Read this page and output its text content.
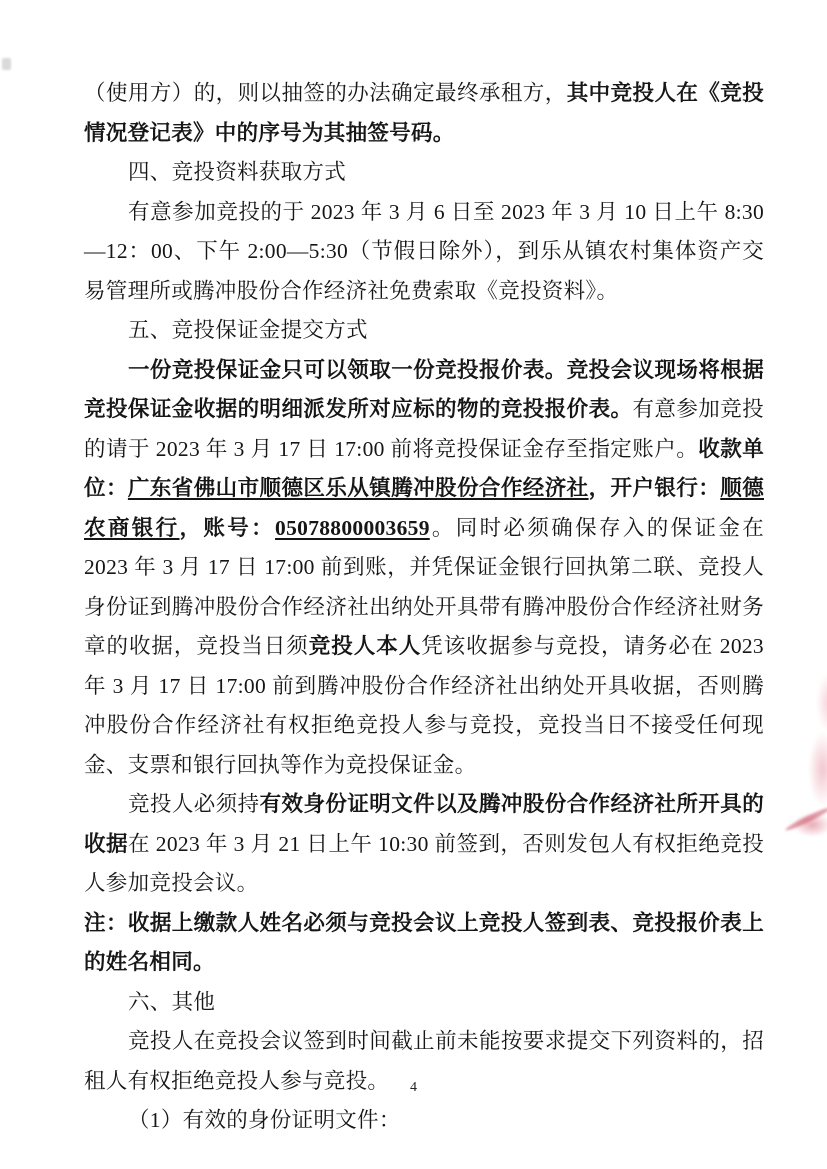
（使用方）的，则以抽签的办法确定最终承租方，其中竞投人在《竞投情况登记表》中的序号为其抽签号码。

四、竞投资料获取方式

有意参加竞投的于 2023 年 3 月 6 日至 2023 年 3 月 10 日上午 8:30—12：00、下午 2:00—5:30（节假日除外），到乐从镇农村集体资产交易管理所或腾冲股份合作经济社免费索取《竞投资料》。

五、竞投保证金提交方式

一份竞投保证金只可以领取一份竞投报价表。竞投会议现场将根据竞投保证金收据的明细派发所对应标的物的竞投报价表。有意参加竞投的请于 2023 年 3 月 17 日 17:00 前将竞投保证金存至指定账户。收款单位：广东省佛山市顺德区乐从镇腾冲股份合作经济社，开户银行：顺德农商银行，账号：05078800003659。同时必须确保存入的保证金在 2023 年 3 月 17 日 17:00 前到账，并凭保证金银行回执第二联、竞投人身份证到腾冲股份合作经济社出纳处开具带有腾冲股份合作经济社财务章的收据，竞投当日须竞投人本人凭该收据参与竞投，请务必在 2023 年 3 月 17 日 17:00 前到腾冲股份合作经济社出纳处开具收据，否则腾冲股份合作经济社有权拒绝竞投人参与竞投，竞投当日不接受任何现金、支票和银行回执等作为竞投保证金。

竞投人必须持有效身份证明文件以及腾冲股份合作经济社所开具的收据在 2023 年 3 月 21 日上午 10:30 前签到，否则发包人有权拒绝竞投人参加竞投会议。

注：收据上缴款人姓名必须与竞投会议上竞投人签到表、竞投报价表上的姓名相同。

六、其他

竞投人在竞投会议签到时间截止前未能按要求提交下列资料的，招租人有权拒绝竞投人参与竞投。

（1）有效的身份证明文件：

4
